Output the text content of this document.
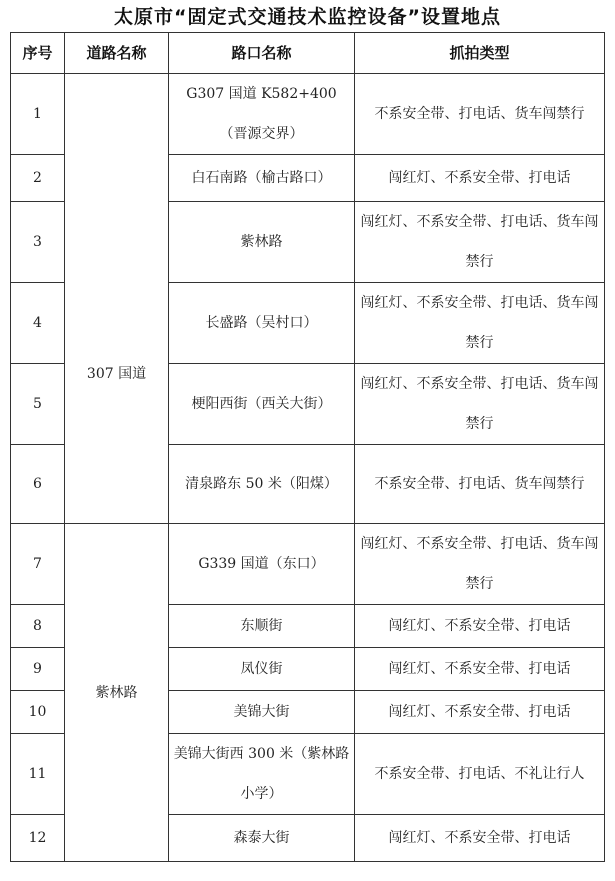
太原市“固定式交通技术监控设备”设置地点
序号	道路名称	路口名称	抓拍类型
1	307 国道	G307 国道 K582+400（晋源交界）	不系安全带、打电话、货车闯禁行
2		白石南路（榆古路口）	闯红灯、不系安全带、打电话
3		紫林路	闯红灯、不系安全带、打电话、货车闯禁行
4		长盛路（吴村口）	闯红灯、不系安全带、打电话、货车闯禁行
5		梗阳西街（西关大街）	闯红灯、不系安全带、打电话、货车闯禁行
6		清泉路东 50 米（阳煤）	不系安全带、打电话、货车闯禁行
7	紫林路	G339 国道（东口）	闯红灯、不系安全带、打电话、货车闯禁行
8		东顺街	闯红灯、不系安全带、打电话
9		凤仪街	闯红灯、不系安全带、打电话
10		美锦大街	闯红灯、不系安全带、打电话
11		美锦大街西 300 米（紫林路小学）	不系安全带、打电话、不礼让行人
12		森泰大街	闯红灯、不系安全带、打电话
